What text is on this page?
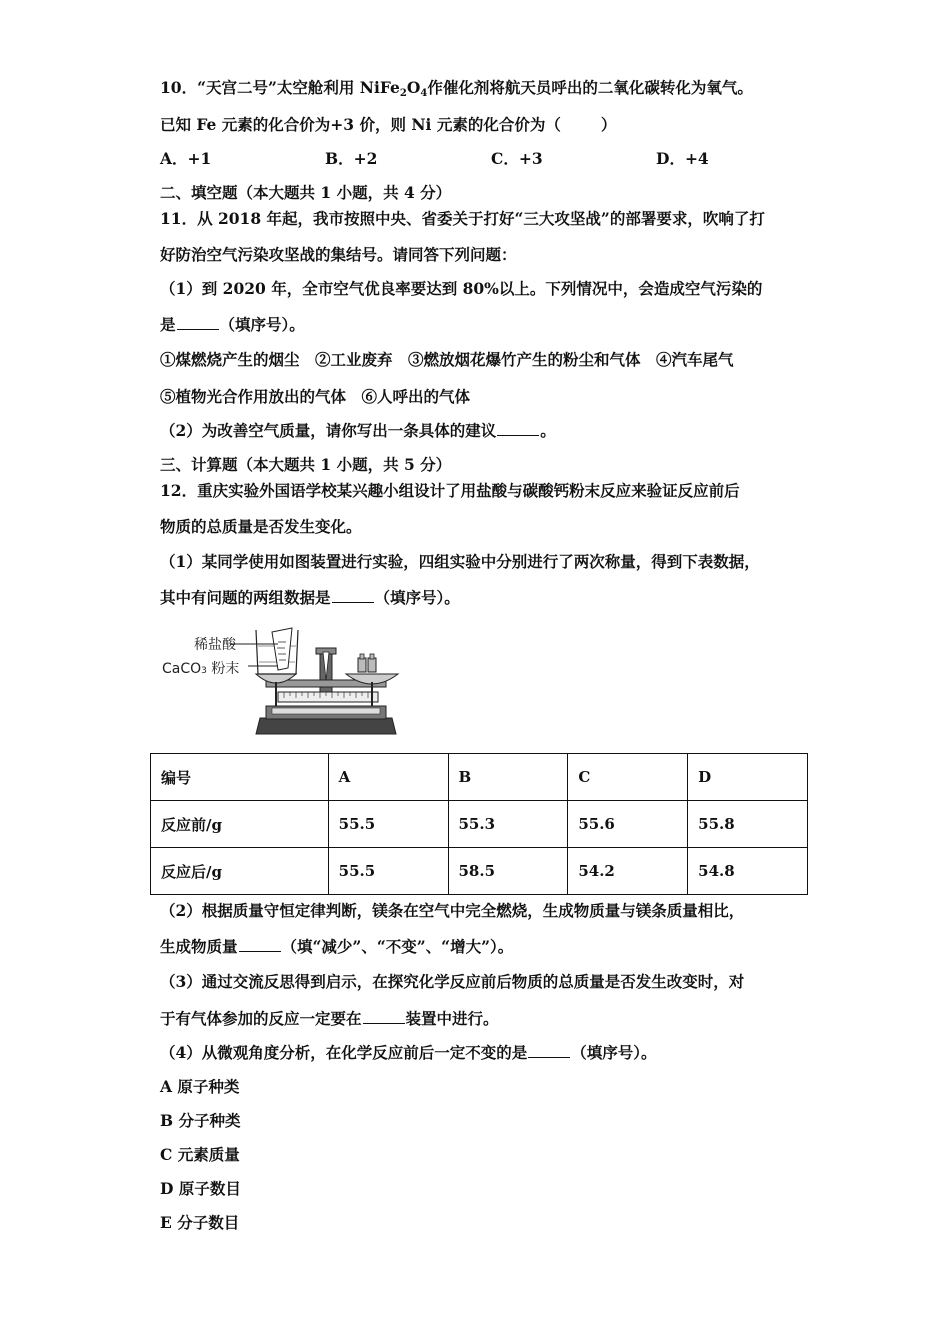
10．“天宫二号”太空舱利用 $NiFe_2O_4$作催化剂将航天员呼出的二氧化碳转化为氧气。
已知 Fe 元素的化合价为+3 价，则 Ni 元素的化合价为（	）
A．+1	B．+2	C．+3	D．+4
二、填空题（本大题共 1 小题，共 4 分）
11．从 2018 年起，我市按照中央、省委关于打好“三大攻坚战”的部署要求，吹响了打
好防治空气污染攻坚战的集结号。请同答下列问题：
（1）到 2020 年，全市空气优良率要达到 80%以上。下列情况中，会造成空气污染的
是	（填序号）。
①煤燃烧产生的烟尘　②工业废弃　③燃放烟花爆竹产生的粉尘和气体　④汽车尾气
⑤植物光合作用放出的气体　⑥人呼出的气体
（2）为改善空气质量，请你写出一条具体的建议	。
三、计算题（本大题共 1 小题，共 5 分）
12．重庆实验外国语学校某兴趣小组设计了用盐酸与碳酸钙粉末反应来验证反应前后
物质的总质量是否发生变化。
（1）某同学使用如图装置进行实验，四组实验中分别进行了两次称量，得到下表数据，
其中有问题的两组数据是	（填序号）。
稀盐酸
CaCO3 粉末
编号	A	B	C	D
反应前/g	55.5	55.3	55.6	55.8
反应后/g	55.5	58.5	54.2	54.8
（2）根据质量守恒定律判断，镁条在空气中完全燃烧，生成物质量与镁条质量相比，
生成物质量	（填“减少”、“不变”、“增大”）。
（3）通过交流反思得到启示，在探究化学反应前后物质的总质量是否发生改变时，对
于有气体参加的反应一定要在	装置中进行。
（4）从微观角度分析，在化学反应前后一定不变的是	（填序号）。
A 原子种类
B 分子种类
C 元素质量
D 原子数目
E 分子数目
